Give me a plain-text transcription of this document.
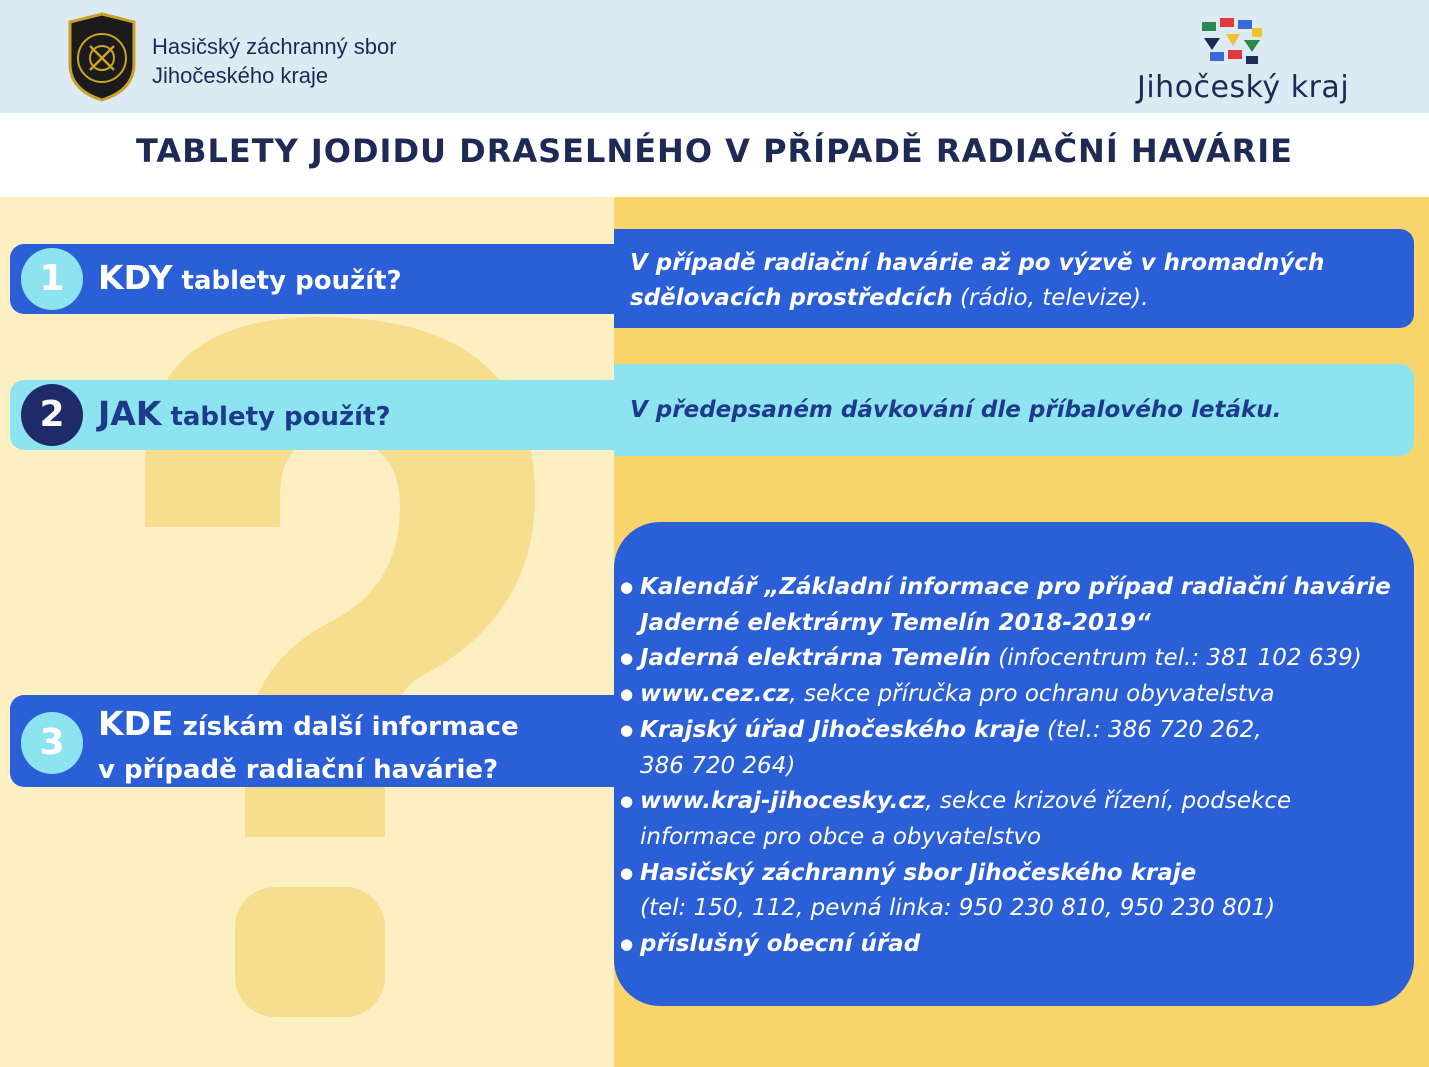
Hasičský záchranný sbor
Jihočeského kraje	Jihočeský kraj
TABLETY JODIDU DRASELNÉHO V PŘÍPADĚ RADIAČNÍ HAVÁRIE
1	KDY tablety použít?
V případě radiační havárie až po výzvě v hromadných
sdělovacích prostředcích (rádio, televize).
2	JAK tablety použít?	V předepsaném dávkování dle příbalového letáku.
3	KDE získám další informace
v případě radiační havárie?
● Kalendář „Základní informace pro případ radiační havárie
Jaderné elektrárny Temelín 2018-2019“
● Jaderná elektrárna Temelín (infocentrum tel.: 381 102 639)
● www.cez.cz, sekce příručka pro ochranu obyvatelstva
● Krajský úřad Jihočeského kraje (tel.: 386 720 262,
386 720 264)
● www.kraj-jihocesky.cz, sekce krizové řízení, podsekce
informace pro obce a obyvatelstvo
● Hasičský záchranný sbor Jihočeského kraje
(tel: 150, 112, pevná linka: 950 230 810, 950 230 801)
● příslušný obecní úřad
